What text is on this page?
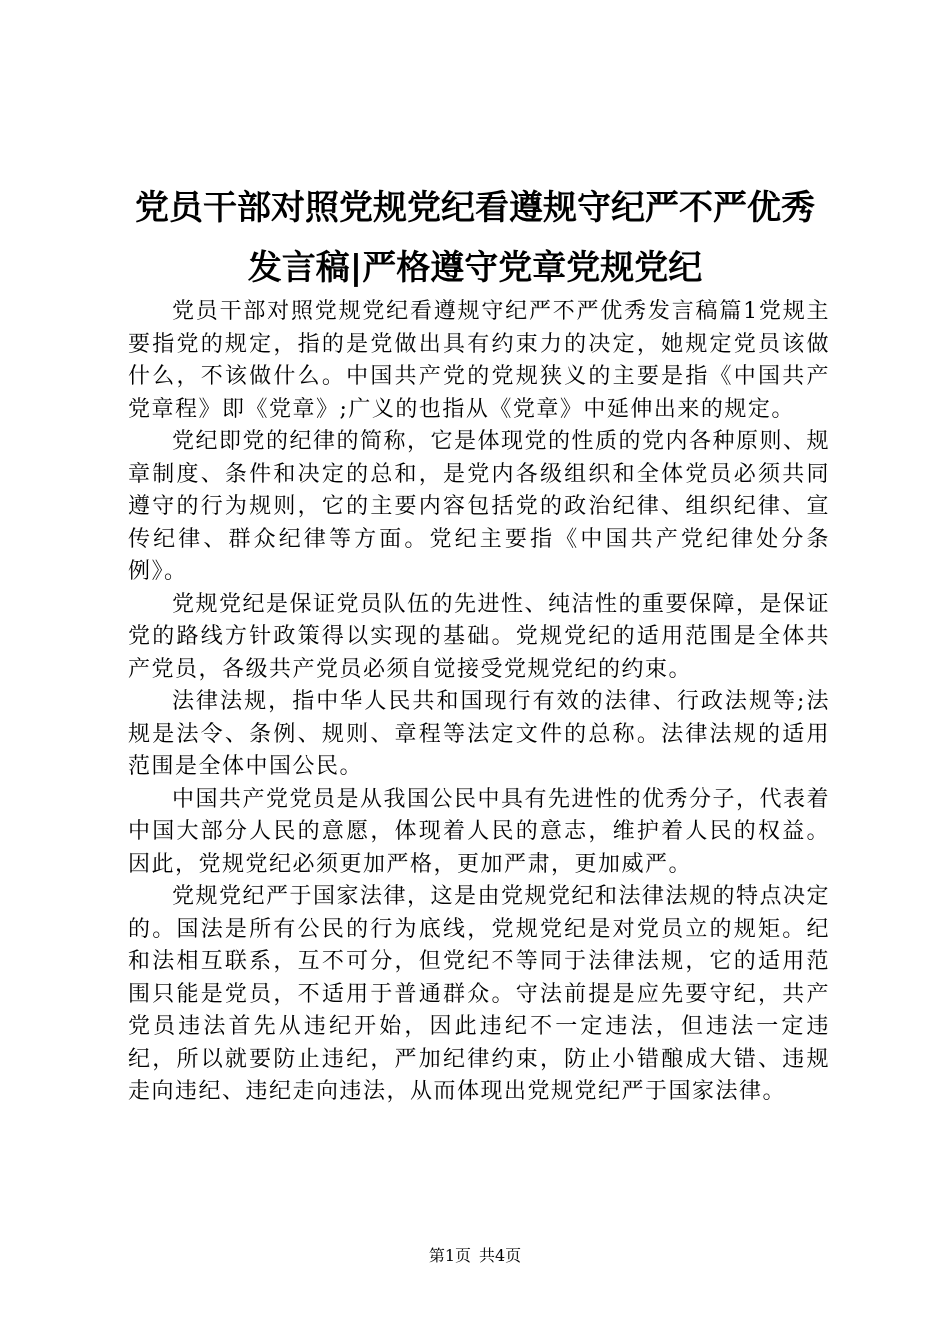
党员干部对照党规党纪看遵规守纪严不严优秀
发言稿|严格遵守党章党规党纪

党员干部对照党规党纪看遵规守纪严不严优秀发言稿篇1党规主要指党的规定，指的是党做出具有约束力的决定，她规定党员该做什么，不该做什么。中国共产党的党规狭义的主要是指《中国共产党章程》即《党章》;广义的也指从《党章》中延伸出来的规定。

党纪即党的纪律的简称，它是体现党的性质的党内各种原则、规章制度、条件和决定的总和，是党内各级组织和全体党员必须共同遵守的行为规则，它的主要内容包括党的政治纪律、组织纪律、宣传纪律、群众纪律等方面。党纪主要指《中国共产党纪律处分条例》。

党规党纪是保证党员队伍的先进性、纯洁性的重要保障，是保证党的路线方针政策得以实现的基础。党规党纪的适用范围是全体共产党员，各级共产党员必须自觉接受党规党纪的约束。

法律法规，指中华人民共和国现行有效的法律、行政法规等;法规是法令、条例、规则、章程等法定文件的总称。法律法规的适用范围是全体中国公民。

中国共产党党员是从我国公民中具有先进性的优秀分子，代表着中国大部分人民的意愿，体现着人民的意志，维护着人民的权益。因此，党规党纪必须更加严格，更加严肃，更加威严。

党规党纪严于国家法律，这是由党规党纪和法律法规的特点决定的。国法是所有公民的行为底线，党规党纪是对党员立的规矩。纪和法相互联系，互不可分，但党纪不等同于法律法规，它的适用范围只能是党员，不适用于普通群众。守法前提是应先要守纪，共产党员违法首先从违纪开始，因此违纪不一定违法，但违法一定违纪，所以就要防止违纪，严加纪律约束，防止小错酿成大错、违规走向违纪、违纪走向违法，从而体现出党规党纪严于国家法律。

第1页 共4页
